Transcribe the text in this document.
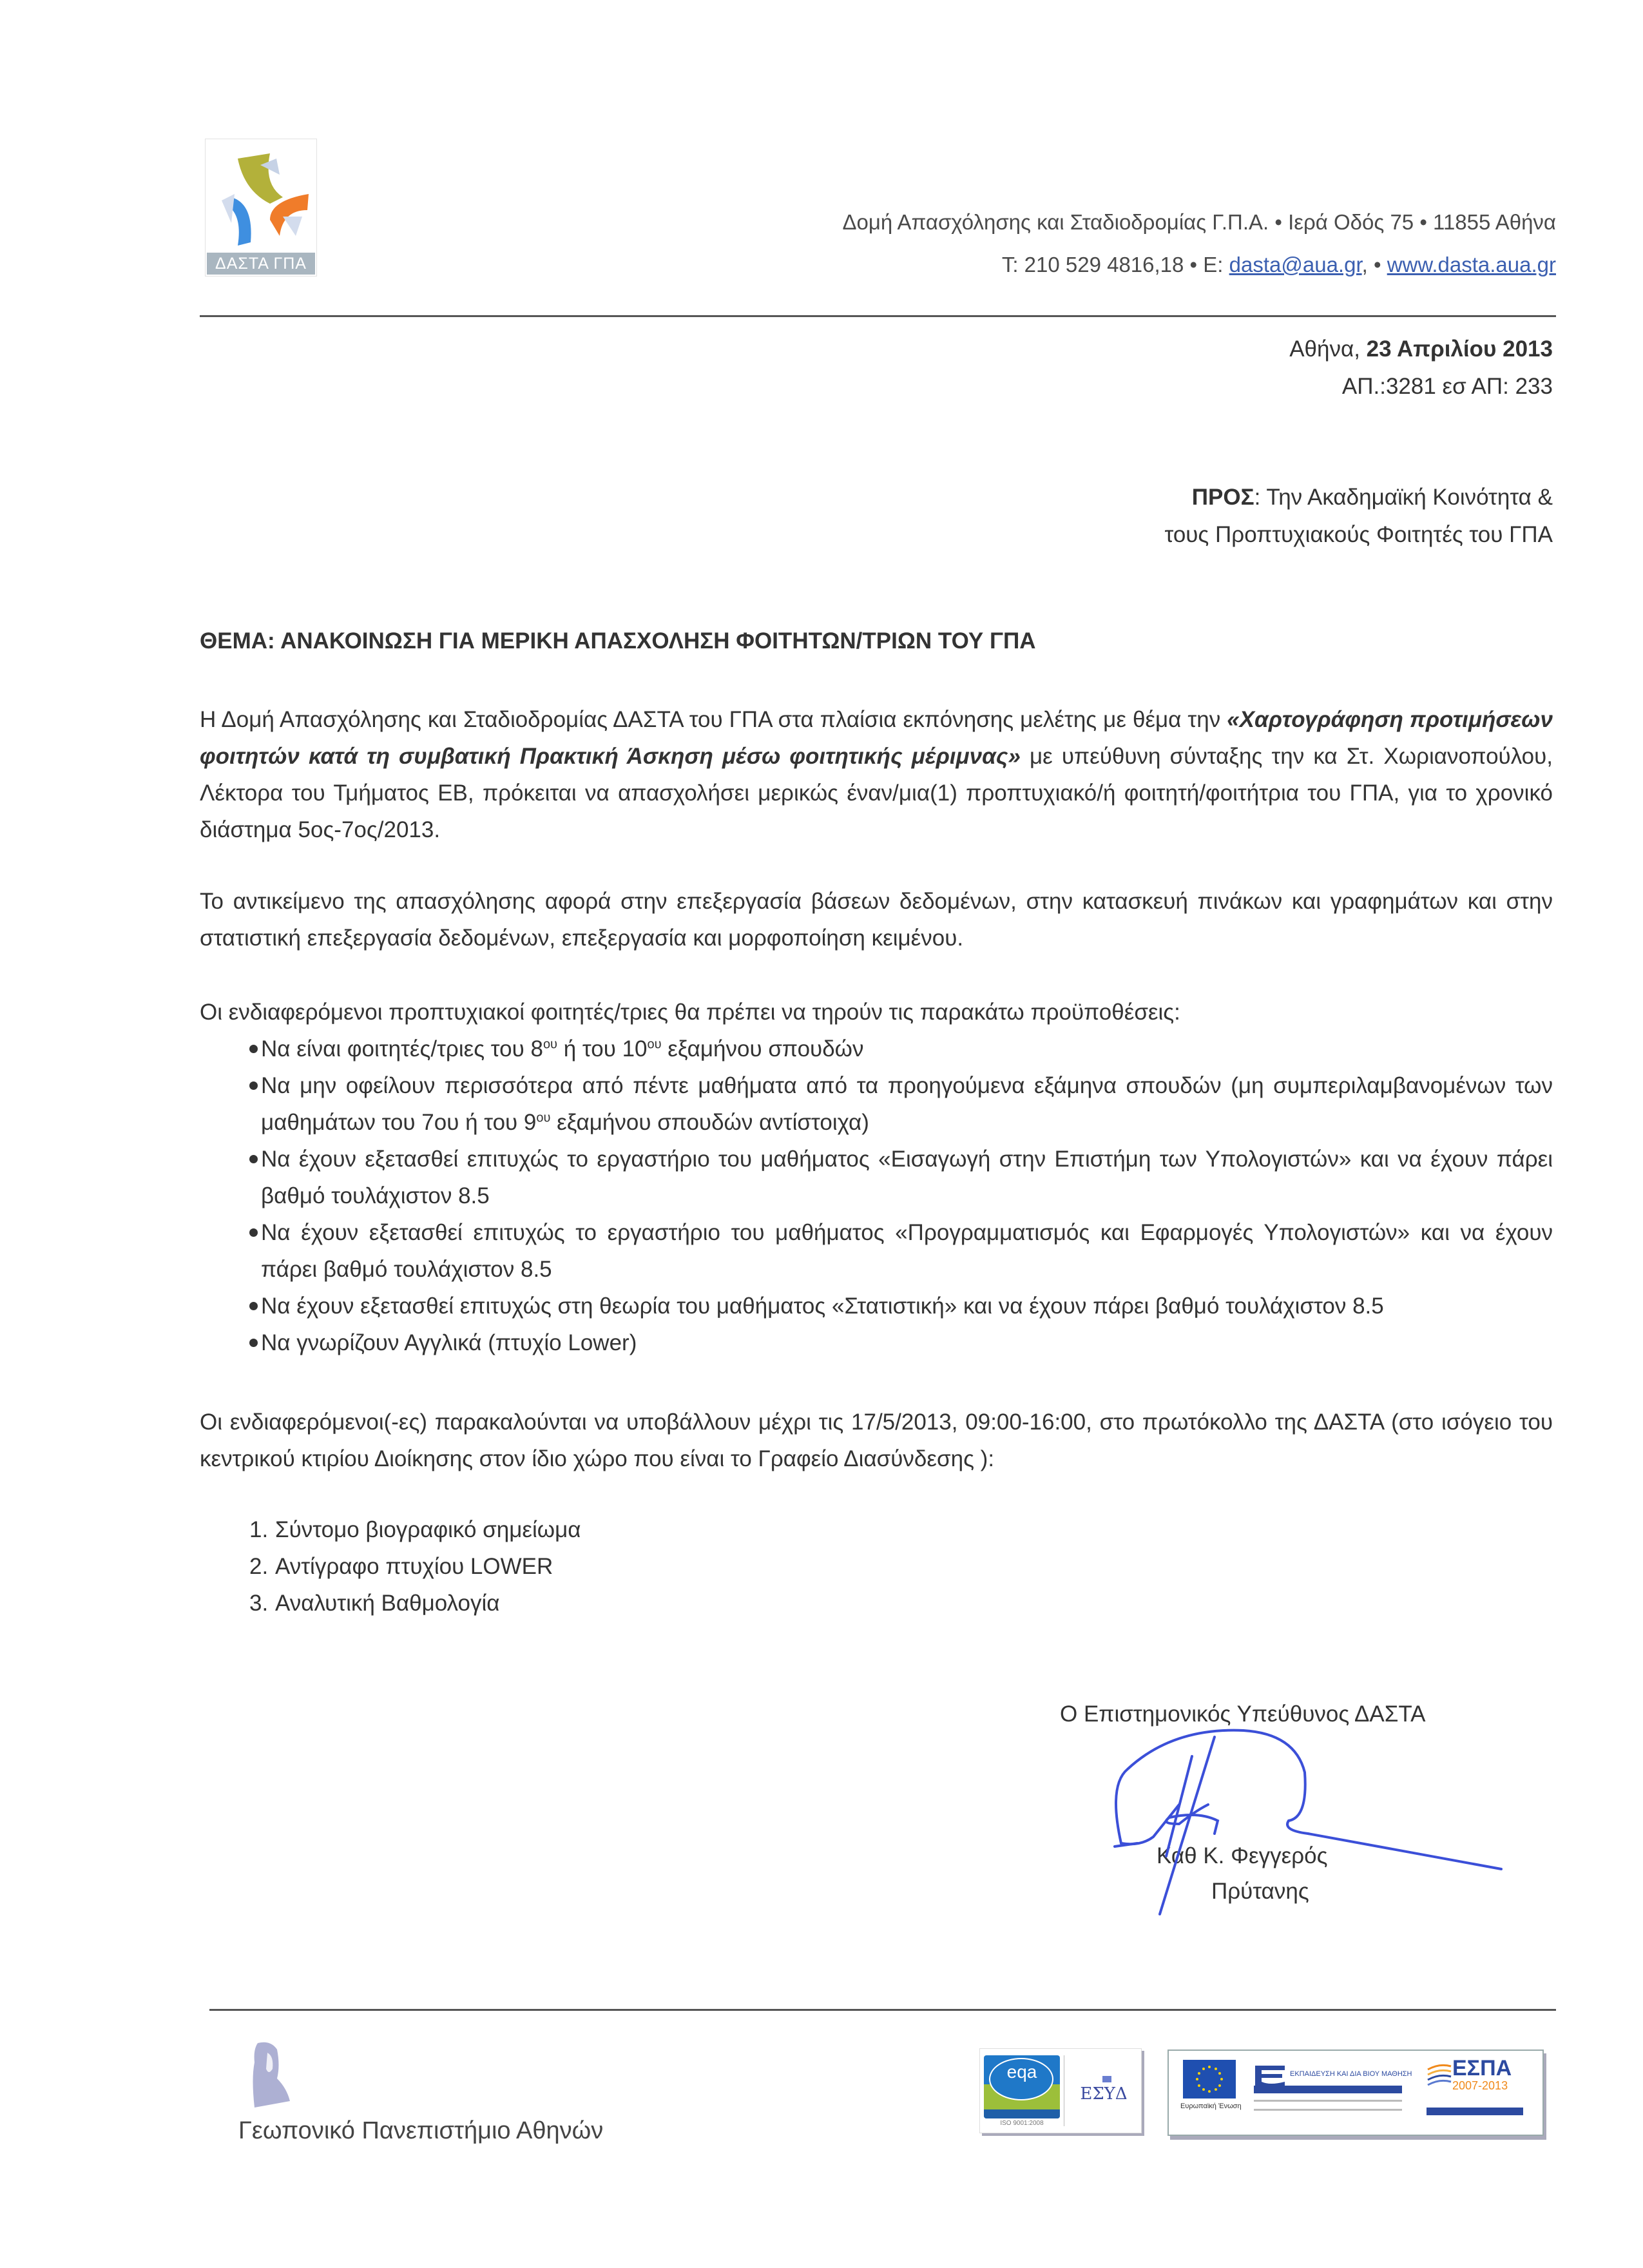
ΔΑΣΤΑ ΓΠΑ
Δομή Απασχόλησης και Σταδιοδρομίας Γ.Π.Α. • Ιερά Οδός 75 • 11855 Αθήνα
T: 210 529 4816,18 • E: dasta@aua.gr, • www.dasta.aua.gr
Αθήνα, 23 Απριλίου 2013
ΑΠ.:3281 εσ ΑΠ: 233
ΠΡΟΣ: Την Ακαδημαϊκή Κοινότητα &
τους Προπτυχιακούς Φοιτητές του ΓΠΑ
ΘΕΜΑ: ΑΝΑΚΟΙΝΩΣΗ ΓΙΑ ΜΕΡΙΚΗ ΑΠΑΣΧΟΛΗΣΗ ΦΟΙΤΗΤΩΝ/ΤΡΙΩΝ ΤΟΥ ΓΠΑ
Η Δομή Απασχόλησης και Σταδιοδρομίας ΔΑΣΤΑ του ΓΠΑ στα πλαίσια εκπόνησης μελέτης με θέμα την «Χαρτογράφηση προτιμήσεων φοιτητών κατά τη συμβατική Πρακτική Άσκηση μέσω φοιτητικής μέριμνας» με υπεύθυνη σύνταξης την κα Στ. Χωριανοπούλου, Λέκτορα του Τμήματος ΕΒ, πρόκειται να απασχολήσει μερικώς έναν/μια(1) προπτυχιακό/ή φοιτητή/φοιτήτρια του ΓΠΑ, για το χρονικό διάστημα 5ος-7ος/2013.
Το αντικείμενο της απασχόλησης αφορά στην επεξεργασία βάσεων δεδομένων, στην κατασκευή πινάκων και γραφημάτων και στην στατιστική επεξεργασία δεδομένων, επεξεργασία και μορφοποίηση κειμένου.
Οι ενδιαφερόμενοι προπτυχιακοί φοιτητές/τριες θα πρέπει να τηρούν τις παρακάτω προϋποθέσεις:
Να είναι φοιτητές/τριες του $8^{o\upsilon}$ ή του $10^{o\upsilon}$ εξαμήνου σπουδών
Να μην οφείλουν περισσότερα από πέντε μαθήματα από τα προηγούμενα εξάμηνα σπουδών (μη συμπεριλαμβανομένων των μαθημάτων του 7ου ή του $9^{o\upsilon}$ εξαμήνου σπουδών αντίστοιχα)
Να έχουν εξετασθεί επιτυχώς το εργαστήριο του μαθήματος «Εισαγωγή στην Επιστήμη των Υπολογιστών» και να έχουν πάρει βαθμό τουλάχιστον 8.5
Να έχουν εξετασθεί επιτυχώς το εργαστήριο του μαθήματος «Προγραμματισμός και Εφαρμογές Υπολογιστών» και να έχουν πάρει βαθμό τουλάχιστον 8.5
Να έχουν εξετασθεί επιτυχώς στη θεωρία του μαθήματος «Στατιστική» και να έχουν πάρει βαθμό τουλάχιστον 8.5
Να γνωρίζουν Αγγλικά (πτυχίο Lower)
Οι ενδιαφερόμενοι(-ες) παρακαλούνται να υποβάλλουν μέχρι τις 17/5/2013, 09:00-16:00, στο πρωτόκολλο της ΔΑΣΤΑ (στο ισόγειο του κεντρικού κτιρίου Διοίκησης στον ίδιο χώρο που είναι το Γραφείο Διασύνδεσης ):
1. Σύντομο βιογραφικό σημείωμα
2. Αντίγραφο πτυχίου LOWER
3. Αναλυτική Βαθμολογία
Ο Επιστημονικός Υπεύθυνος ΔΑΣΤΑ
Καθ Κ. Φεγγερός
Πρύτανης
Γεωπονικό Πανεπιστήμιο Αθηνών
eqa
ISO 9001:2008
ΕΣΥΔ
Ευρωπαϊκή Ένωση
ΕΚΠΑΙΔΕΥΣΗ ΚΑΙ ΔΙΑ ΒΙΟΥ ΜΑΘΗΣΗ ΕΣΠΑ
2007-2013
